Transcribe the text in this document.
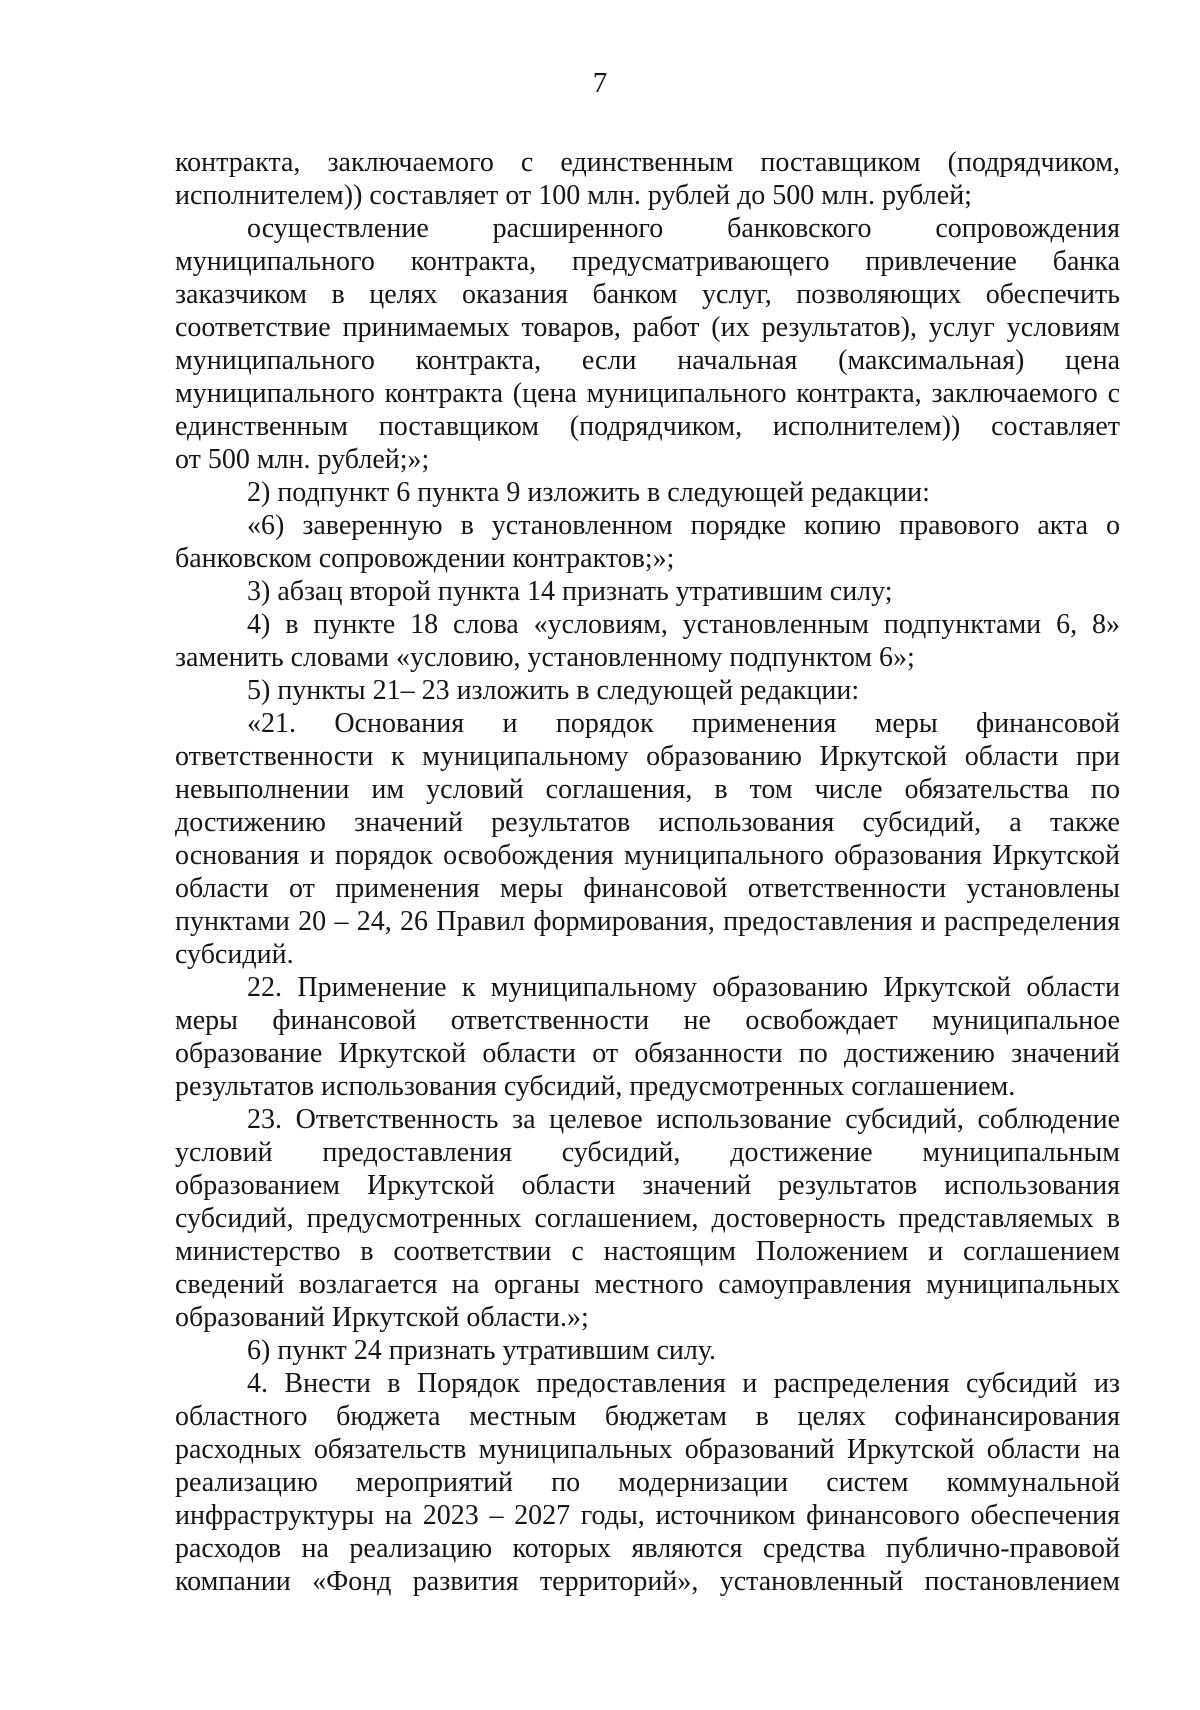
7
контракта, заключаемого с единственным поставщиком (подрядчиком,
исполнителем)) составляет от 100 млн. рублей до 500 млн. рублей;
осуществление расширенного банковского сопровождения
муниципального контракта, предусматривающего привлечение банка
заказчиком в целях оказания банком услуг, позволяющих обеспечить
соответствие принимаемых товаров, работ (их результатов), услуг условиям
муниципального контракта, если начальная (максимальная) цена
муниципального контракта (цена муниципального контракта, заключаемого с
единственным поставщиком (подрядчиком, исполнителем)) составляет
от 500 млн. рублей;»;
2) подпункт 6 пункта 9 изложить в следующей редакции:
«6) заверенную в установленном порядке копию правового акта о
банковском сопровождении контрактов;»;
3) абзац второй пункта 14 признать утратившим силу;
4) в пункте 18 слова «условиям, установленным подпунктами 6, 8»
заменить словами «условию, установленному подпунктом 6»;
5) пункты 21– 23 изложить в следующей редакции:
«21. Основания и порядок применения меры финансовой
ответственности к муниципальному образованию Иркутской области при
невыполнении им условий соглашения, в том числе обязательства по
достижению значений результатов использования субсидий, а также
основания и порядок освобождения муниципального образования Иркутской
области от применения меры финансовой ответственности установлены
пунктами 20 – 24, 26 Правил формирования, предоставления и распределения
субсидий.
22. Применение к муниципальному образованию Иркутской области
меры финансовой ответственности не освобождает муниципальное
образование Иркутской области от обязанности по достижению значений
результатов использования субсидий, предусмотренных соглашением.
23. Ответственность за целевое использование субсидий, соблюдение
условий предоставления субсидий, достижение муниципальным
образованием Иркутской области значений результатов использования
субсидий, предусмотренных соглашением, достоверность представляемых в
министерство в соответствии с настоящим Положением и соглашением
сведений возлагается на органы местного самоуправления муниципальных
образований Иркутской области.»;
6) пункт 24 признать утратившим силу.
4. Внести в Порядок предоставления и распределения субсидий из
областного бюджета местным бюджетам в целях софинансирования
расходных обязательств муниципальных образований Иркутской области на
реализацию мероприятий по модернизации систем коммунальной
инфраструктуры на 2023 – 2027 годы, источником финансового обеспечения
расходов на реализацию которых являются средства публично-правовой
компании «Фонд развития территорий», установленный постановлением
